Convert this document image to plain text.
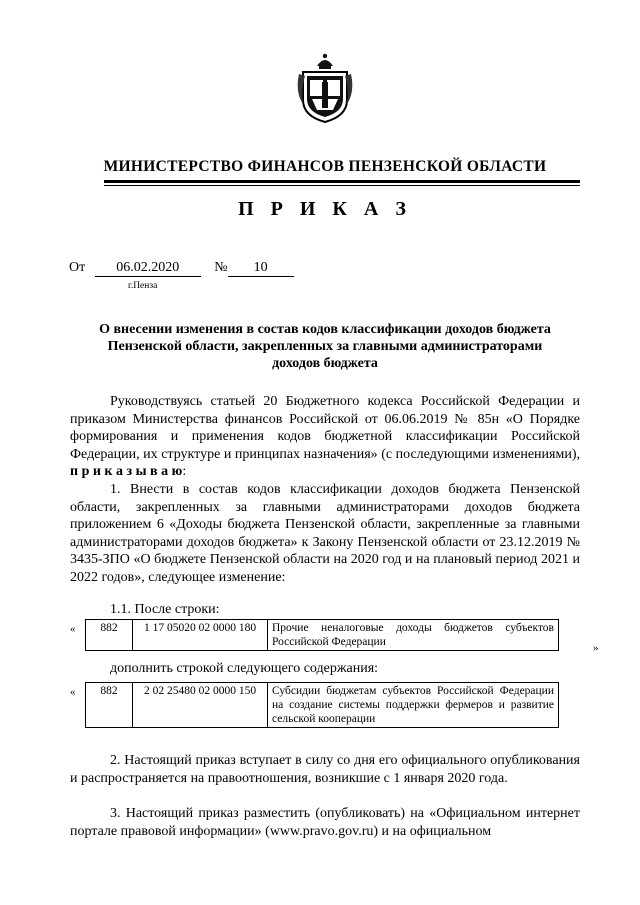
МИНИСТЕРСТВО ФИНАНСОВ ПЕНЗЕНСКОЙ ОБЛАСТИ
П Р И К А З
От 06.02.2020	№ 10
г.Пенза
О внесении изменения в состав кодов классификации доходов бюджета Пензенской области, закрепленных за главными администраторами доходов бюджета
Руководствуясь статьей 20 Бюджетного кодекса Российской Федерации и приказом Министерства финансов Российской от 06.06.2019 № 85н «О Порядке формирования и применения кодов бюджетной классификации Российской Федерации, их структуре и принципах назначения» (с последующими изменениями), п р и к а з ы в а ю:
1. Внести в состав кодов классификации доходов бюджета Пензенской области, закрепленных за главными администраторами доходов бюджета приложением 6 «Доходы бюджета Пензенской области, закрепленные за главными администраторами доходов бюджета» к Закону Пензенской области от 23.12.2019 № 3435-ЗПО «О бюджете Пензенской области на 2020 год и на плановый период 2021 и 2022 годов», следующее изменение:
1.1. После строки:
« 882	1 17 05020 02 0000 180	Прочие неналоговые доходы бюджетов субъектов Российской Федерации	»
дополнить строкой следующего содержания:
« 882	2 02 25480 02 0000 150	Субсидии бюджетам субъектов Российской Федерации на создание системы поддержки фермеров и развитие сельской кооперации
2. Настоящий приказ вступает в силу со дня его официального опубликования и распространяется на правоотношения, возникшие с 1 января 2020 года.
3. Настоящий приказ разместить (опубликовать) на «Официальном интернет портале правовой информации» (www.pravo.gov.ru) и на официальном
